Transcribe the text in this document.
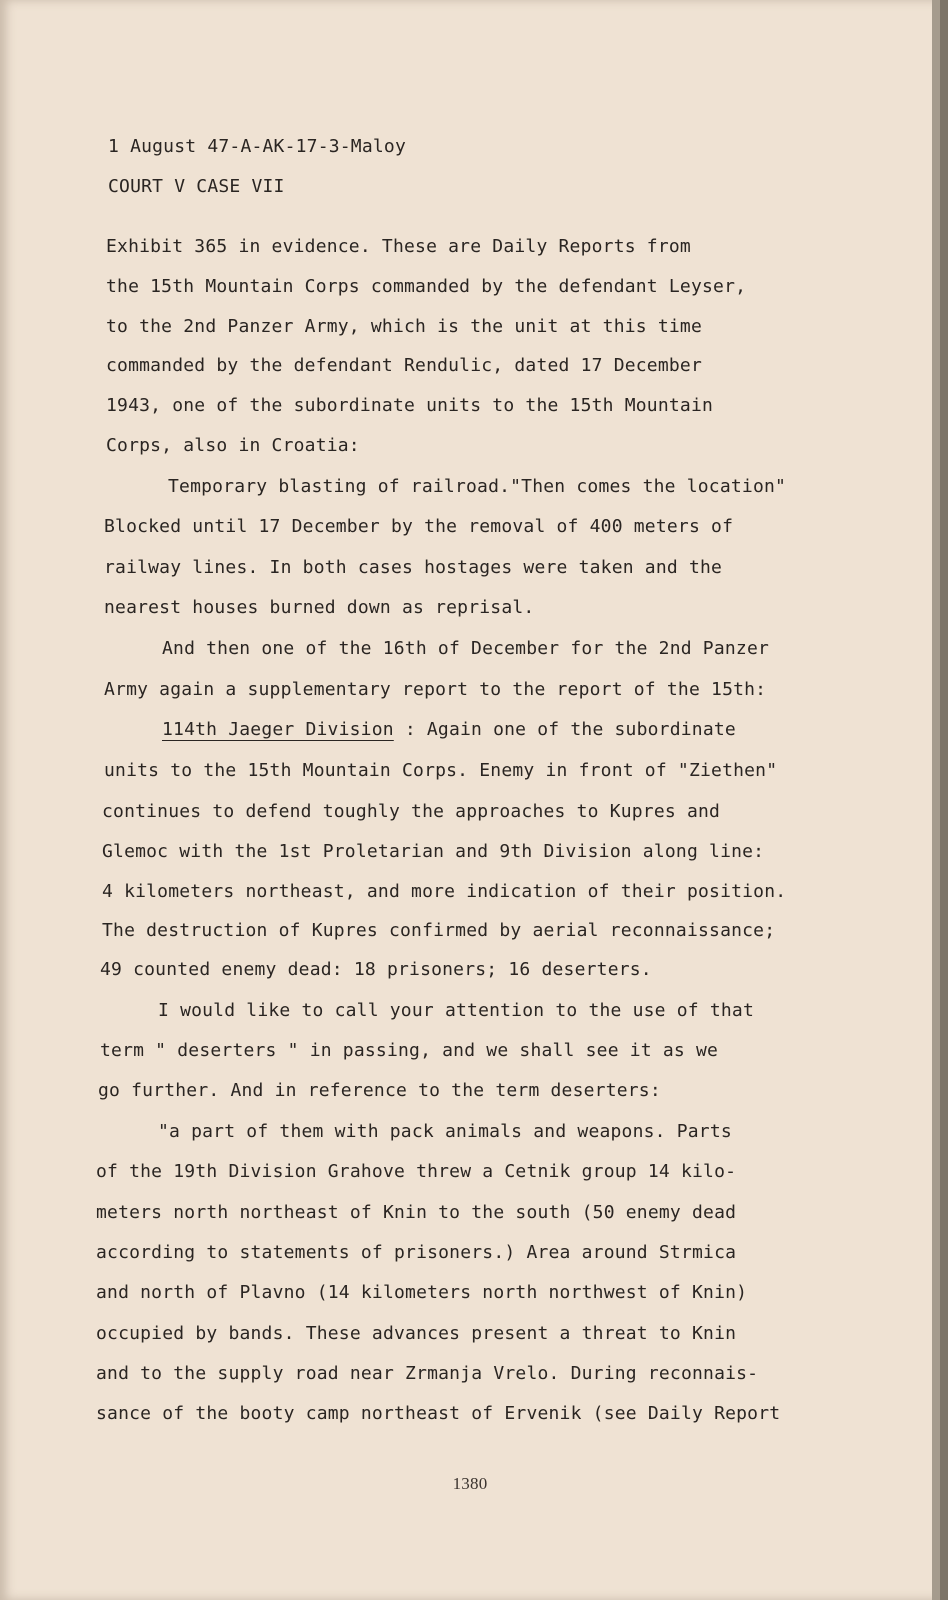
1 August 47-A-AK-17-3-Maloy
COURT V CASE VII
Exhibit 365 in evidence. These are Daily Reports from
the 15th Mountain Corps commanded by the defendant Leyser,
to the 2nd Panzer Army, which is the unit at this time
commanded by the defendant Rendulic, dated 17 December
1943, one of the subordinate units to the 15th Mountain
Corps, also in Croatia:
Temporary blasting of railroad."Then comes the location"
Blocked until 17 December by the removal of 400 meters of
railway lines. In both cases hostages were taken and the
nearest houses burned down as reprisal.
And then one of the 16th of December for the 2nd Panzer
Army again a supplementary report to the report of the 15th:
114th Jaeger Division : Again one of the subordinate
units to the 15th Mountain Corps. Enemy in front of "Ziethen"
continues to defend toughly the approaches to Kupres and
Glemoc with the 1st Proletarian and 9th Division along line:
4 kilometers northeast, and more indication of their position.
The destruction of Kupres confirmed by aerial reconnaissance;
49 counted enemy dead: 18 prisoners; 16 deserters.
I would like to call your attention to the use of that
term " deserters " in passing, and we shall see it as we
go further. And in reference to the term deserters:
"a part of them with pack animals and weapons. Parts
of the 19th Division Grahove threw a Cetnik group 14 kilo-
meters north northeast of Knin to the south (50 enemy dead
according to statements of prisoners.) Area around Strmica
and north of Plavno (14 kilometers north northwest of Knin)
occupied by bands. These advances present a threat to Knin
and to the supply road near Zrmanja Vrelo. During reconnais-
sance of the booty camp northeast of Ervenik (see Daily Report
1380
